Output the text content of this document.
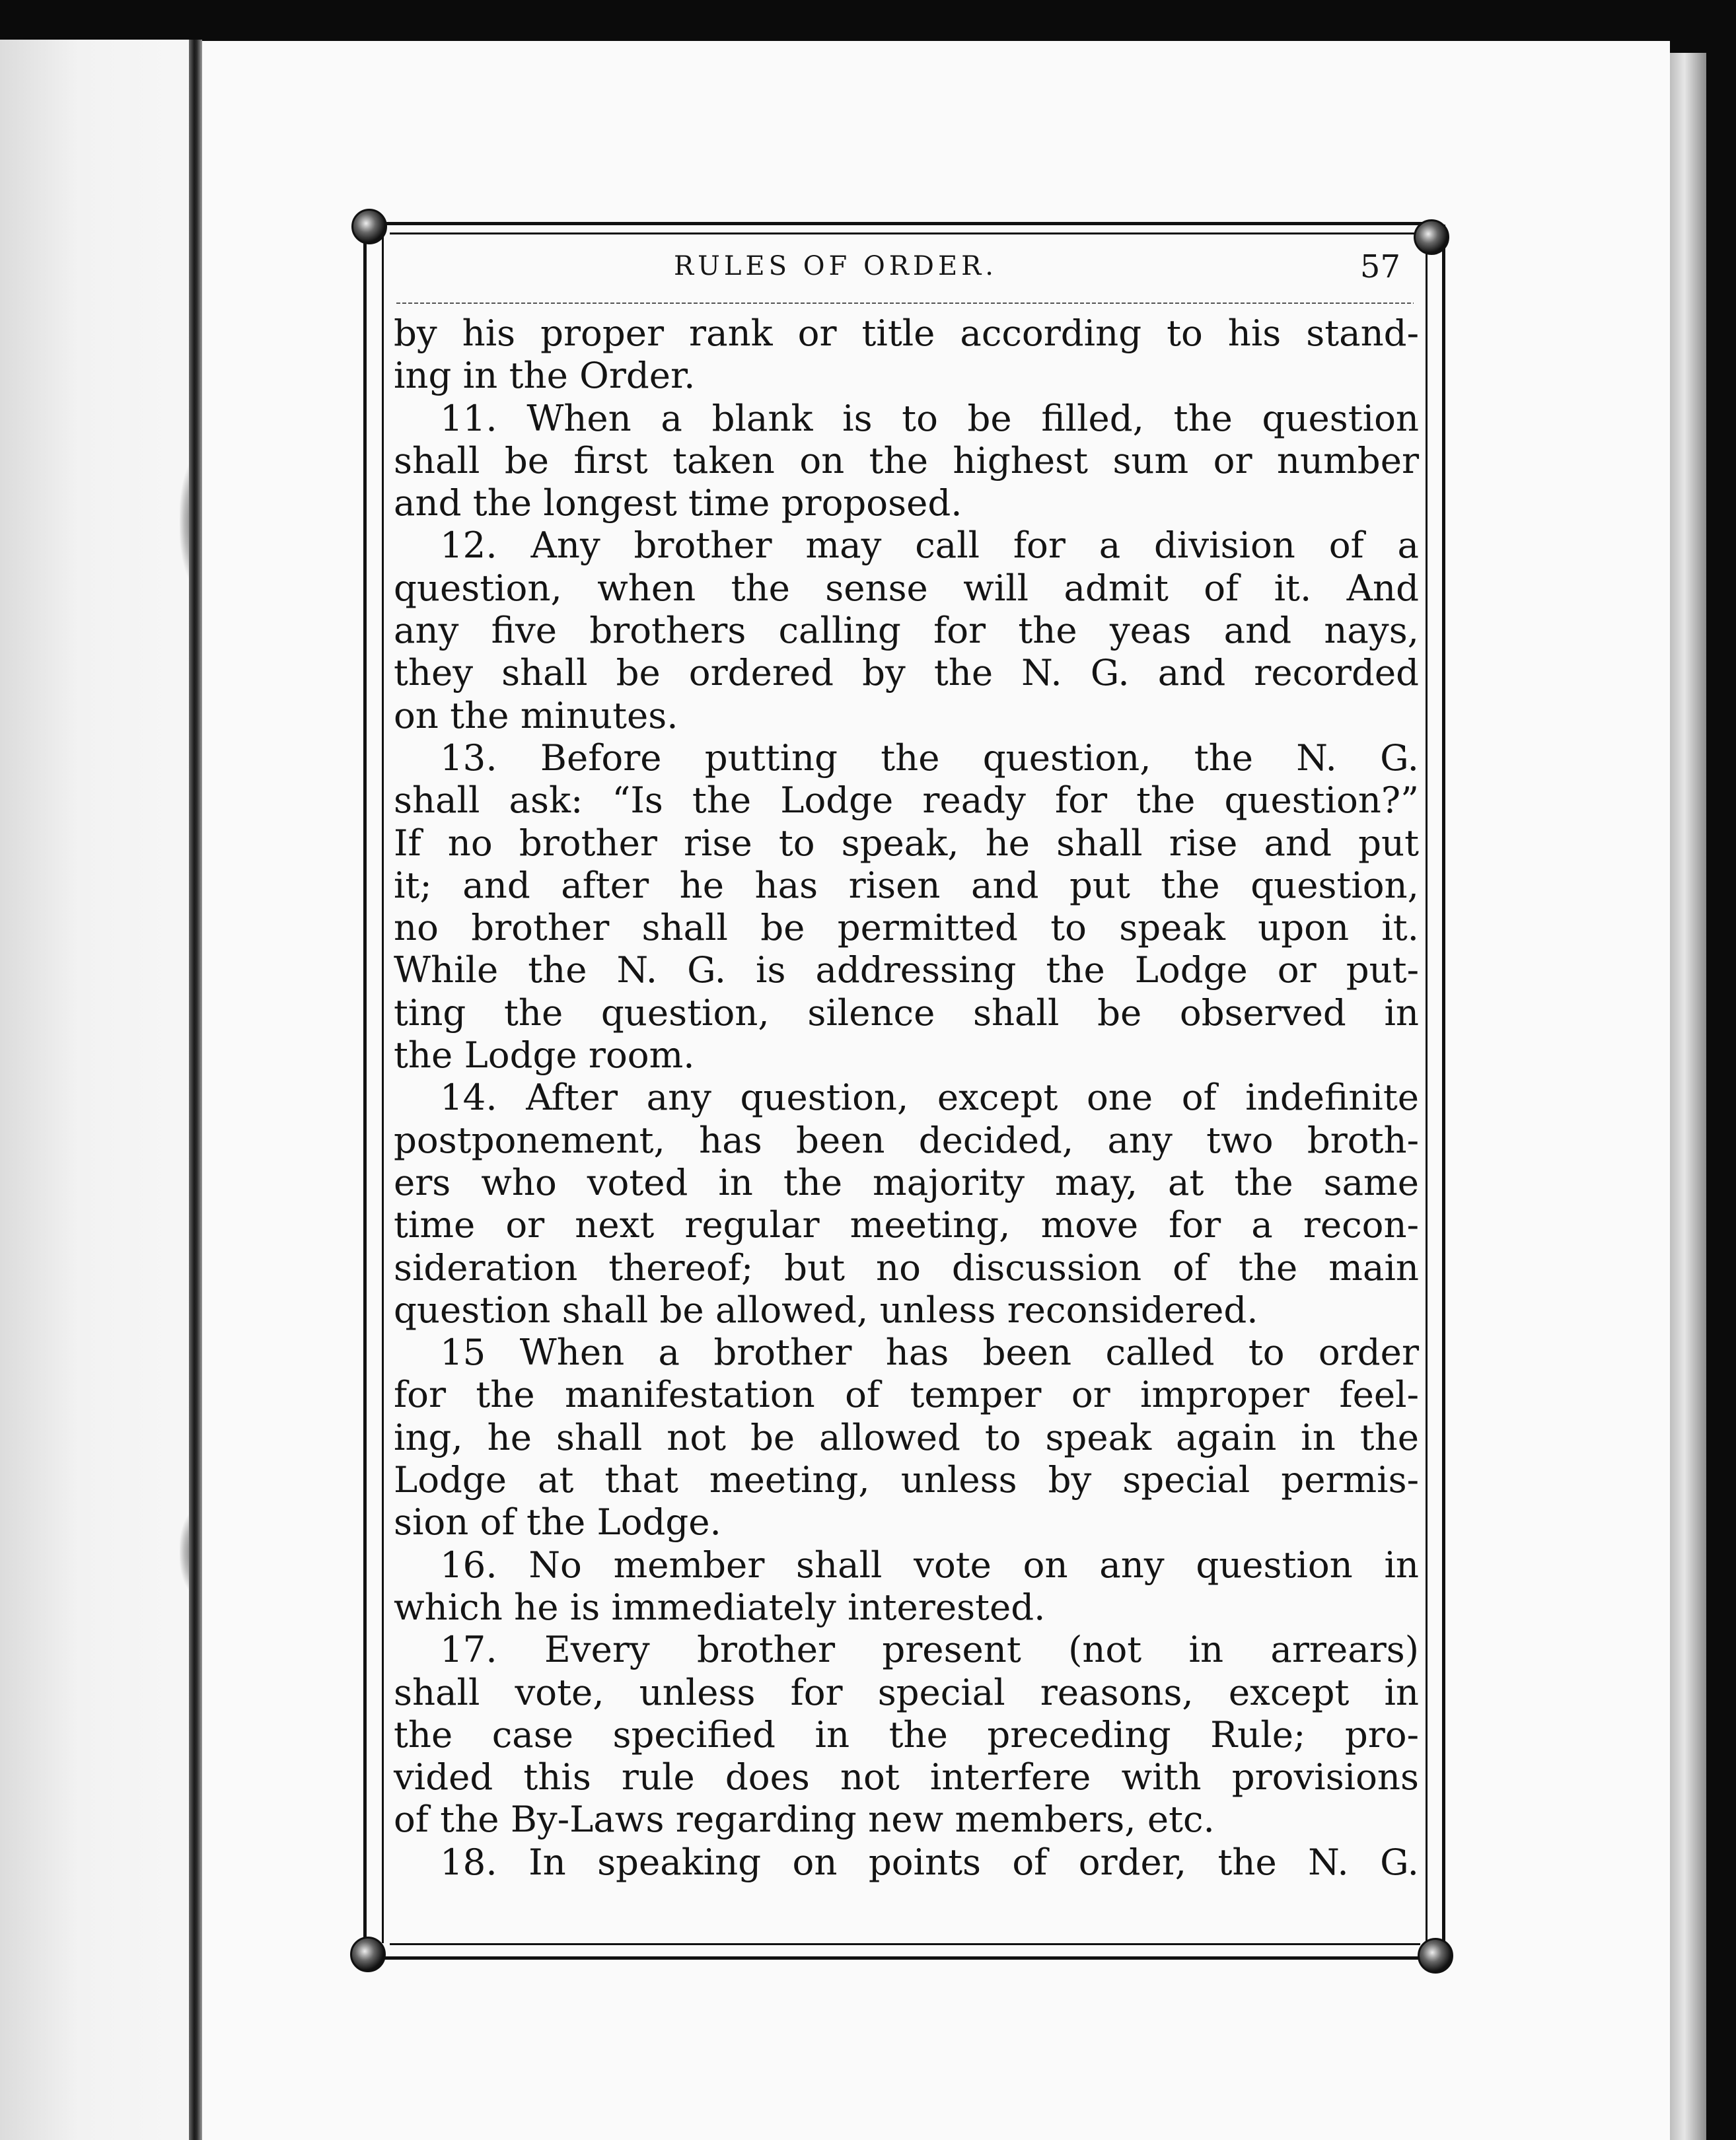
RULES OF ORDER.	57
by his proper rank or title according to his stand-
ing in the Order.
11. When a blank is to be filled, the question
shall be first taken on the highest sum or number
and the longest time proposed.
12. Any brother may call for a division of a
question, when the sense will admit of it. And
any five brothers calling for the yeas and nays,
they shall be ordered by the N. G. and recorded
on the minutes.
13. Before putting the question, the N. G.
shall ask: “Is the Lodge ready for the question?”
If no brother rise to speak, he shall rise and put
it; and after he has risen and put the question,
no brother shall be permitted to speak upon it.
While the N. G. is addressing the Lodge or put-
ting the question, silence shall be observed in
the Lodge room.
14. After any question, except one of indefinite
postponement, has been decided, any two broth-
ers who voted in the majority may, at the same
time or next regular meeting, move for a recon-
sideration thereof; but no discussion of the main
question shall be allowed, unless reconsidered.
15 When a brother has been called to order
for the manifestation of temper or improper feel-
ing, he shall not be allowed to speak again in the
Lodge at that meeting, unless by special permis-
sion of the Lodge.
16. No member shall vote on any question in
which he is immediately interested.
17. Every brother present (not in arrears)
shall vote, unless for special reasons, except in
the case specified in the preceding Rule; pro-
vided this rule does not interfere with provisions
of the By-Laws regarding new members, etc.
18. In speaking on points of order, the N. G.
